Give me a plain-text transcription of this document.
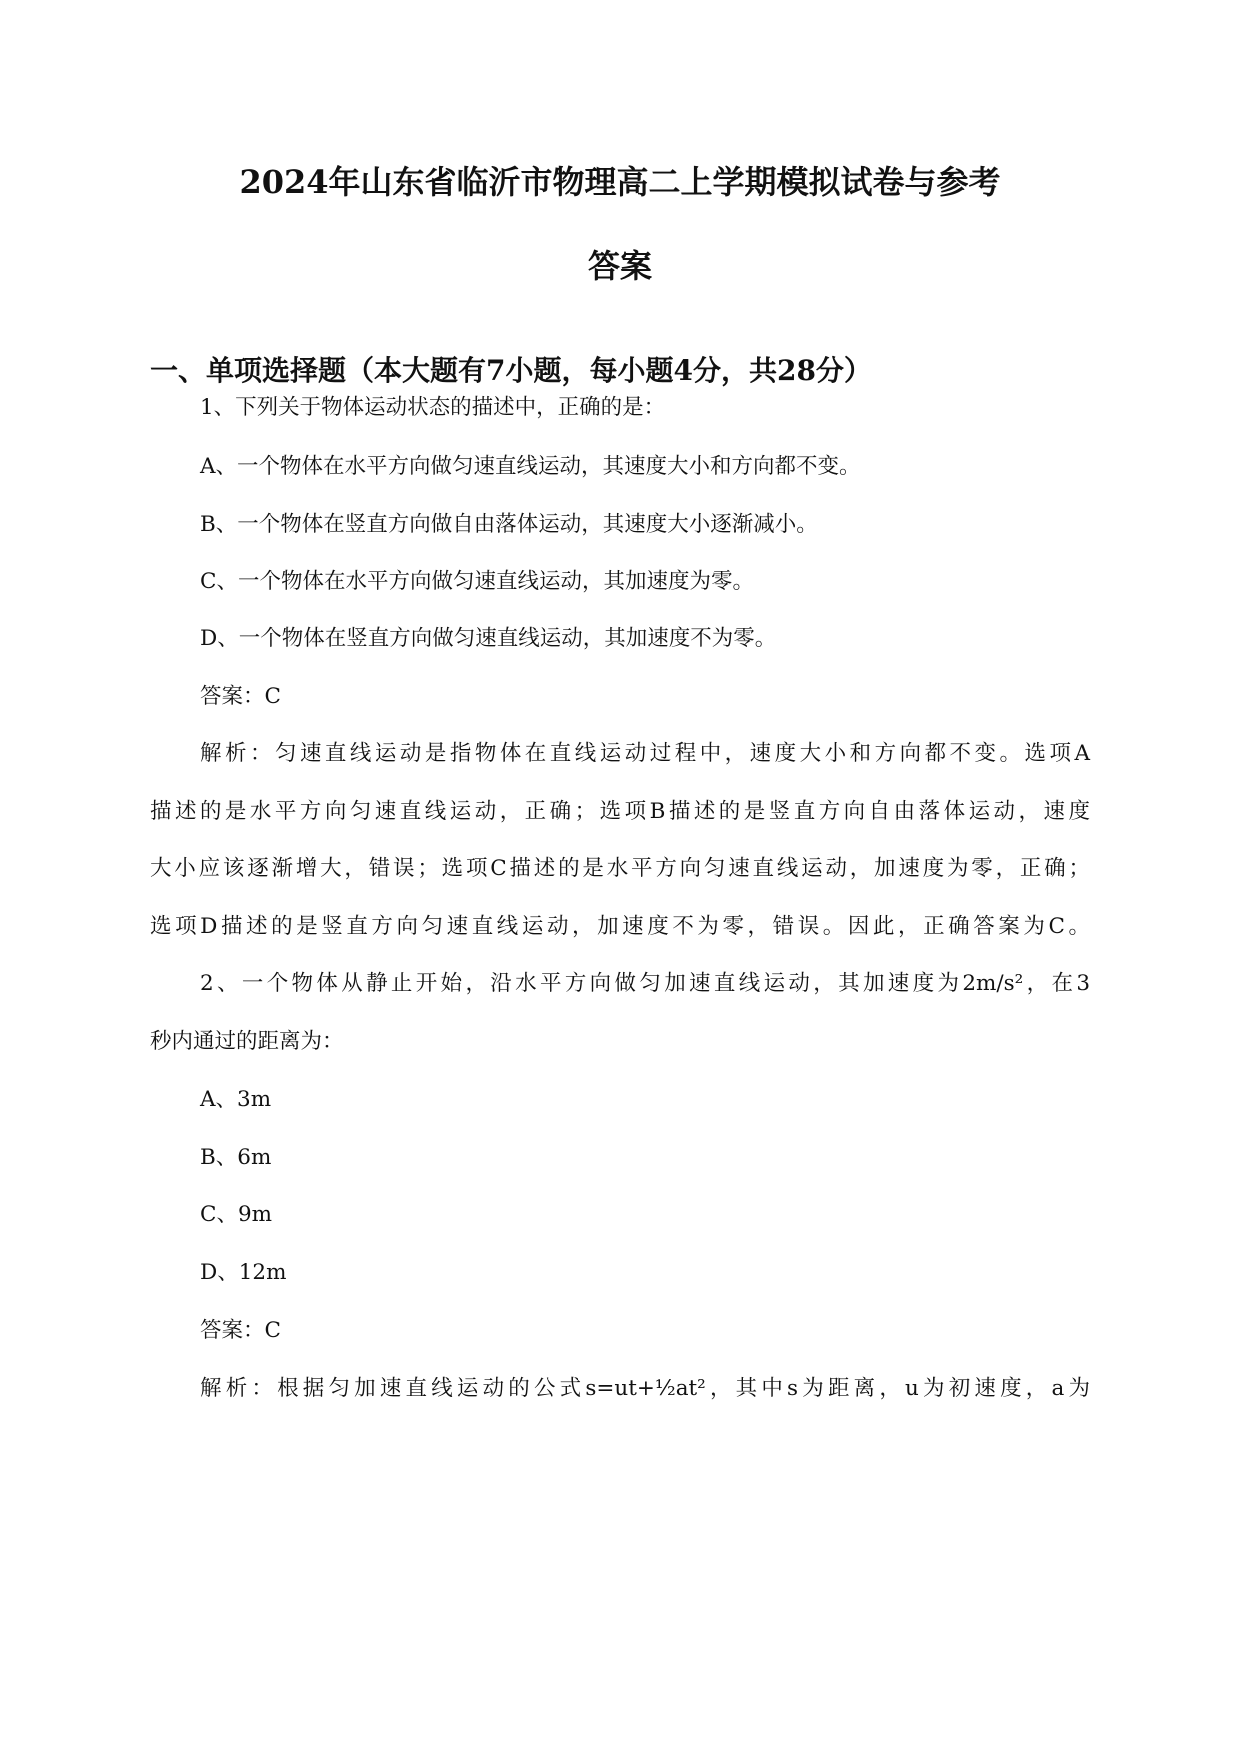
2024年山东省临沂市物理高二上学期模拟试卷与参考
答案
一、单项选择题（本大题有7小题，每小题4分，共28分）
1、下列关于物体运动状态的描述中，正确的是：
A、一个物体在水平方向做匀速直线运动，其速度大小和方向都不变。
B、一个物体在竖直方向做自由落体运动，其速度大小逐渐减小。
C、一个物体在水平方向做匀速直线运动，其加速度为零。
D、一个物体在竖直方向做匀速直线运动，其加速度不为零。
答案：C
解析：匀速直线运动是指物体在直线运动过程中，速度大小和方向都不变。选项A
描述的是水平方向匀速直线运动，正确；选项B描述的是竖直方向自由落体运动，速度
大小应该逐渐增大，错误；选项C描述的是水平方向匀速直线运动，加速度为零，正确；
选项D描述的是竖直方向匀速直线运动，加速度不为零，错误。因此，正确答案为C。
2、一个物体从静止开始，沿水平方向做匀加速直线运动，其加速度为2m/s²，在3
秒内通过的距离为：
A、3m
B、6m
C、9m
D、12m
答案：C
解析：根据匀加速直线运动的公式s=ut+½at²，其中s为距离，u为初速度，a为
